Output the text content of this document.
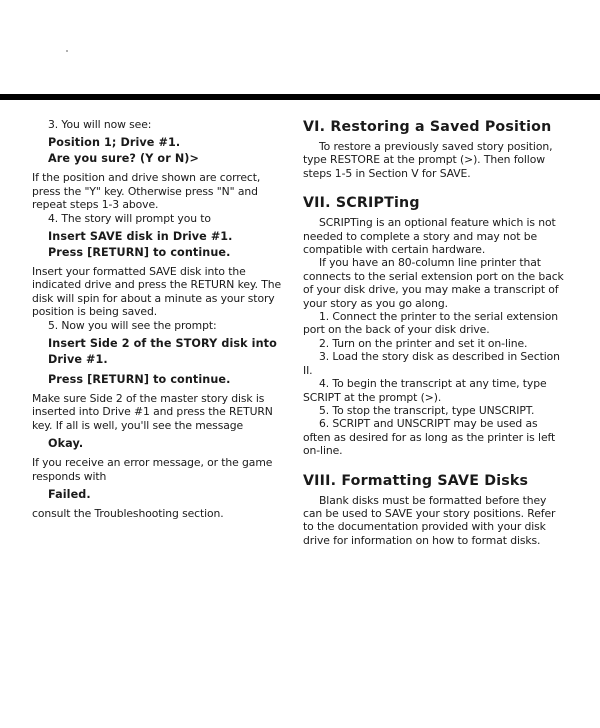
3. You will now see:

Position 1; Drive #1.

Are you sure? (Y or N)>

If the position and drive shown are correct, press the "Y" key. Otherwise press "N" and repeat steps 1-3 above.

4. The story will prompt you to

Insert SAVE disk in Drive #1.

Press [RETURN] to continue.

Insert your formatted SAVE disk into the indicated drive and press the RETURN key. The disk will spin for about a minute as your story position is being saved.

5. Now you will see the prompt:

Insert Side 2 of the STORY disk into Drive #1.

Press [RETURN] to continue.

Make sure Side 2 of the master story disk is inserted into Drive #1 and press the RETURN key. If all is well, you'll see the message

Okay.

If you receive an error message, or the game responds with

Failed.

consult the Troubleshooting section.

VI. Restoring a Saved Position

To restore a previously saved story position, type RESTORE at the prompt (>). Then follow steps 1-5 in Section V for SAVE.

VII. SCRIPTing

SCRIPTing is an optional feature which is not needed to complete a story and may not be compatible with certain hardware.

If you have an 80-column line printer that connects to the serial extension port on the back of your disk drive, you may make a transcript of your story as you go along.

1. Connect the printer to the serial extension port on the back of your disk drive.

2. Turn on the printer and set it on-line.

3. Load the story disk as described in Section II.

4. To begin the transcript at any time, type SCRIPT at the prompt (>).

5. To stop the transcript, type UNSCRIPT.

6. SCRIPT and UNSCRIPT may be used as often as desired for as long as the printer is left on-line.

VIII. Formatting SAVE Disks

Blank disks must be formatted before they can be used to SAVE your story positions. Refer to the documentation provided with your disk drive for information on how to format disks.
